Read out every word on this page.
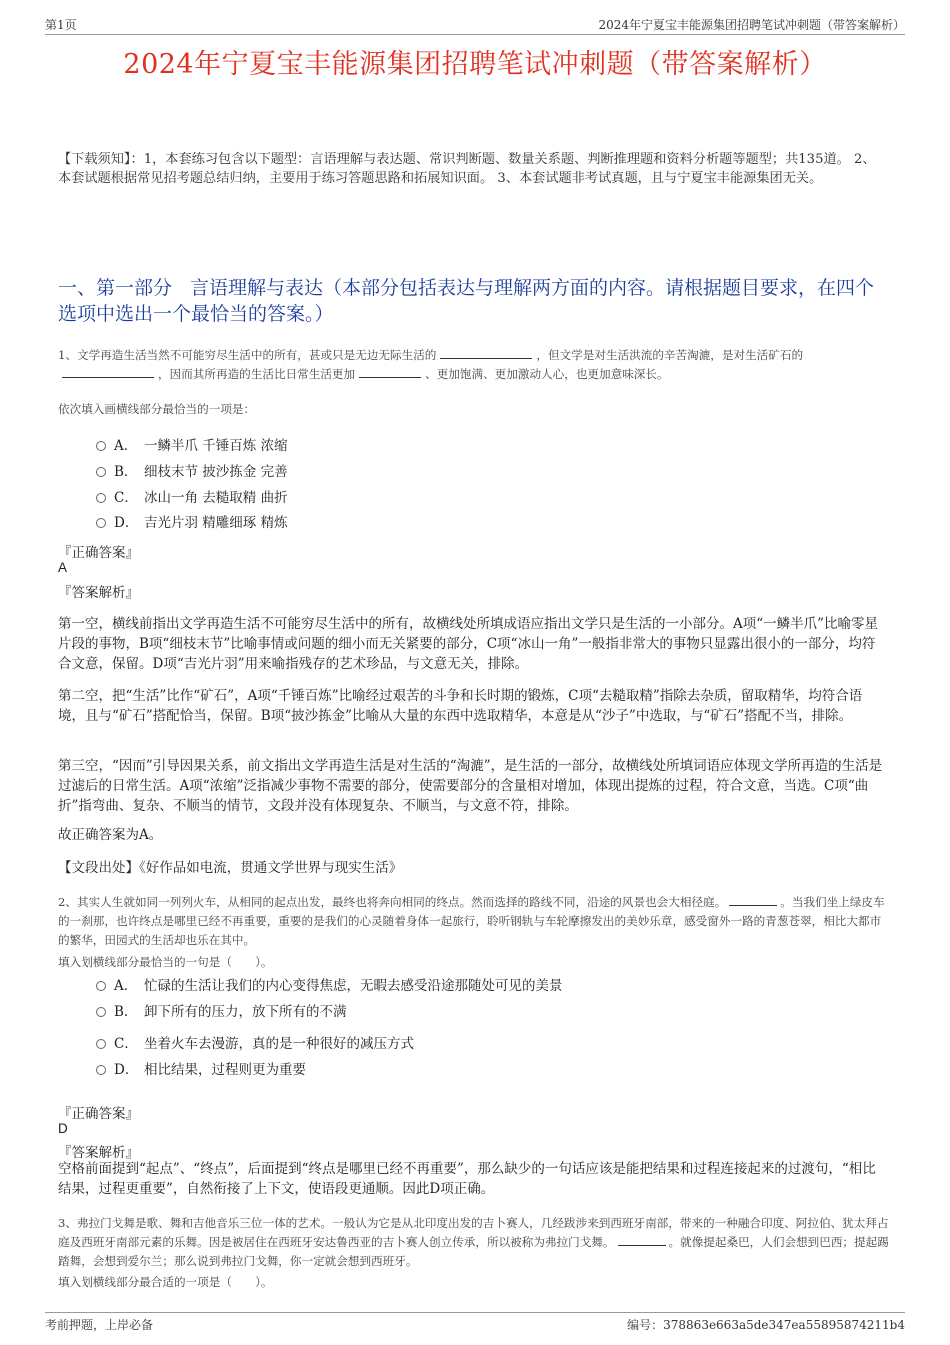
第1页	2024年宁夏宝丰能源集团招聘笔试冲刺题（带答案解析）
2024年宁夏宝丰能源集团招聘笔试冲刺题（带答案解析）
【下载须知】：1，本套练习包含以下题型：言语理解与表达题、常识判断题、数量关系题、判断推理题和资料分析题等题型；共135道。 2、本套试题根据常见招考题总结归纳，主要用于练习答题思路和拓展知识面。 3、本套试题非考试真题，且与宁夏宝丰能源集团无关。
一、第一部分 言语理解与表达（本部分包括表达与理解两方面的内容。请根据题目要求，在四个选项中选出一个最恰当的答案。）
1、文学再造生活当然不可能穷尽生活中的所有，甚或只是无边无际生活的	，但文学是对生活洪流的辛苦淘漉，是对生活矿石的，因而其所再造的生活比日常生活更加	、更加饱满、更加激动人心，也更加意味深长。
依次填入画横线部分最恰当的一项是：
A． 一鳞半爪 千锤百炼 浓缩
B． 细枝末节 披沙拣金 完善
C． 冰山一角 去糙取精 曲折
D． 吉光片羽 精雕细琢 精炼
『正确答案』
A
『答案解析』
第一空，横线前指出文学再造生活不可能穷尽生活中的所有，故横线处所填成语应指出文学只是生活的一小部分。A项“一鳞半爪”比喻零星片段的事物，B项“细枝末节”比喻事情或问题的细小而无关紧要的部分，C项“冰山一角”一般指非常大的事物只显露出很小的一部分，均符合文意，保留。D项“吉光片羽”用来喻指残存的艺术珍品，与文意无关，排除。
第二空，把“生活”比作“矿石”，A项“千锤百炼”比喻经过艰苦的斗争和长时期的锻炼，C项“去糙取精”指除去杂质，留取精华，均符合语境，且与“矿石”搭配恰当，保留。B项“披沙拣金”比喻从大量的东西中选取精华，本意是从“沙子”中选取，与“矿石”搭配不当，排除。
第三空，“因而”引导因果关系，前文指出文学再造生活是对生活的“淘漉”，是生活的一部分，故横线处所填词语应体现文学所再造的生活是过滤后的日常生活。A项“浓缩”泛指减少事物不需要的部分，使需要部分的含量相对增加，体现出提炼的过程，符合文意，当选。C项“曲折”指弯曲、复杂、不顺当的情节，文段并没有体现复杂、不顺当，与文意不符，排除。
故正确答案为A。
【文段出处】《好作品如电流，贯通文学世界与现实生活》
2、其实人生就如同一列列火车，从相同的起点出发，最终也将奔向相同的终点。然而选择的路线不同，沿途的风景也会大相径庭。	。当我们坐上绿皮车的一刹那，也许终点是哪里已经不再重要，重要的是我们的心灵随着身体一起旅行，聆听钢轨与车轮摩擦发出的美妙乐章，感受窗外一路的青葱苍翠，相比大都市的繁华，田园式的生活却也乐在其中。
填入划横线部分最恰当的一句是（　　）。
A． 忙碌的生活让我们的内心变得焦虑，无暇去感受沿途那随处可见的美景
B． 卸下所有的压力，放下所有的不满
C． 坐着火车去漫游，真的是一种很好的减压方式
D． 相比结果，过程则更为重要
『正确答案』
D
『答案解析』
空格前面提到“起点”、“终点”，后面提到“终点是哪里已经不再重要”，那么缺少的一句话应该是能把结果和过程连接起来的过渡句，“相比结果，过程更重要”，自然衔接了上下文，使语段更通顺。因此D项正确。
3、弗拉门戈舞是歌、舞和吉他音乐三位一体的艺术。一般认为它是从北印度出发的吉卜赛人，几经跋涉来到西班牙南部，带来的一种融合印度、阿拉伯、犹太拜占庭及西班牙南部元素的乐舞。因是被居住在西班牙安达鲁西亚的吉卜赛人创立传承，所以被称为弗拉门戈舞。	。就像提起桑巴，人们会想到巴西；提起踢踏舞，会想到爱尔兰；那么说到弗拉门戈舞，你一定就会想到西班牙。
填入划横线部分最合适的一项是（　　）。
考前押题，上岸必备	编号：378863e663a5de347ea55895874211b4
